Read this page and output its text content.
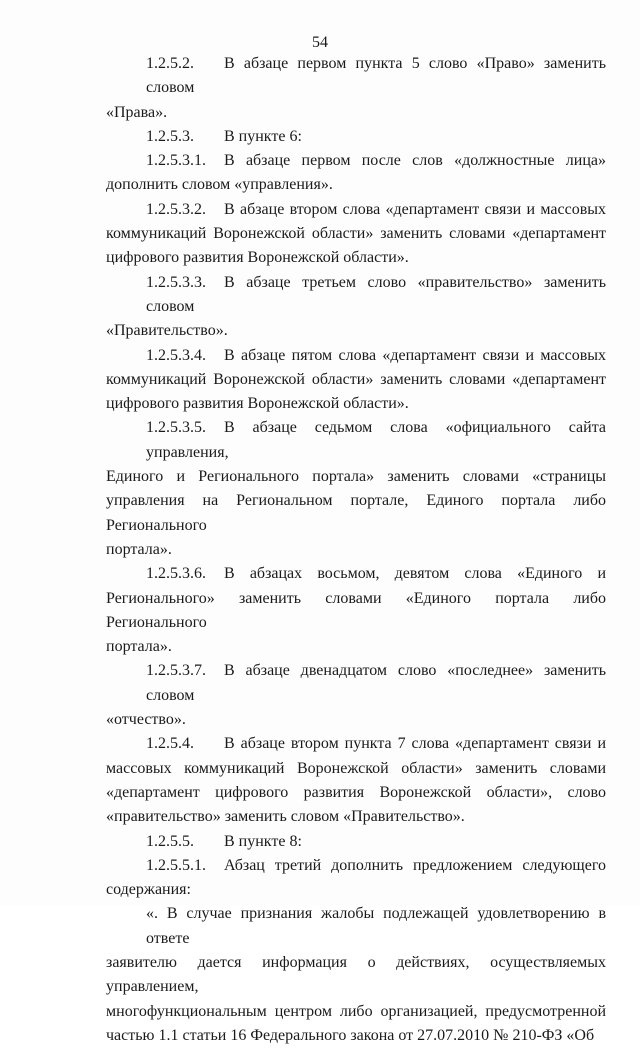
54
1.2.5.2. В абзаце первом пункта 5 слово «Право» заменить словом
«Права».
1.2.5.3. В пункте 6:
1.2.5.3.1. В абзаце первом после слов «должностные лица»
дополнить словом «управления».
1.2.5.3.2. В абзаце втором слова «департамент связи и массовых
коммуникаций Воронежской области» заменить словами «департамент
цифрового развития Воронежской области».
1.2.5.3.3. В абзаце третьем слово «правительство» заменить словом
«Правительство».
1.2.5.3.4. В абзаце пятом слова «департамент связи и массовых
коммуникаций Воронежской области» заменить словами «департамент
цифрового развития Воронежской области».
1.2.5.3.5. В абзаце седьмом слова «официального сайта управления,
Единого и Регионального портала» заменить словами «страницы
управления на Региональном портале, Единого портала либо Регионального
портала».
1.2.5.3.6. В абзацах восьмом, девятом слова «Единого и
Регионального» заменить словами «Единого портала либо Регионального
портала».
1.2.5.3.7. В абзаце двенадцатом слово «последнее» заменить словом
«отчество».
1.2.5.4. В абзаце втором пункта 7 слова «департамент связи и
массовых коммуникаций Воронежской области» заменить словами
«департамент цифрового развития Воронежской области», слово
«правительство» заменить словом «Правительство».
1.2.5.5. В пункте 8:
1.2.5.5.1. Абзац третий дополнить предложением следующего
содержания:
«. В случае признания жалобы подлежащей удовлетворению в ответе
заявителю дается информация о действиях, осуществляемых управлением,
многофункциональным центром либо организацией, предусмотренной
частью 1.1 статьи 16 Федерального закона от 27.07.2010 № 210-ФЗ «Об
